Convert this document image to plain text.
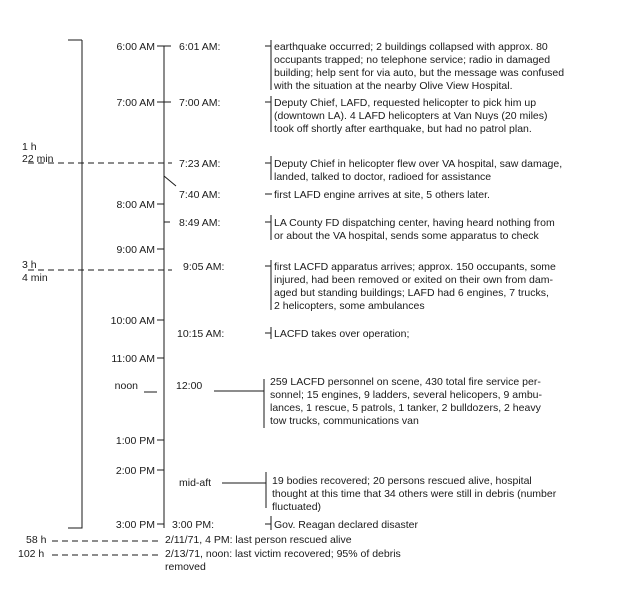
6:00 AM
7:00 AM
8:00 AM
9:00 AM
10:00 AM
11:00 AM
noon
1:00 PM
2:00 PM
3:00 PM
1 h
22 min
3 h
4 min
6:01 AM:	earthquake occurred; 2 buildings collapsed with approx. 80
occupants trapped; no telephone service; radio in damaged
building; help sent for via auto, but the message was confused
with the situation at the nearby Olive View Hospital.
7:00 AM:	Deputy Chief, LAFD, requested helicopter to pick him up
(downtown LA). 4 LAFD helicopters at Van Nuys (20 miles)
took off shortly after earthquake, but had no patrol plan.
7:23 AM:	Deputy Chief in helicopter flew over VA hospital, saw damage,
landed, talked to doctor, radioed for assistance
7:40 AM:	first LAFD engine arrives at site, 5 others later.
8:49 AM:	LA County FD dispatching center, having heard nothing from
or about the VA hospital, sends some apparatus to check
9:05 AM:	first LACFD apparatus arrives; approx. 150 occupants, some
injured, had been removed or exited on their own from dam-
aged but standing buildings; LAFD had 6 engines, 7 trucks,
2 helicopters, some ambulances
10:15 AM:	LACFD takes over operation;
12:00	259 LACFD personnel on scene, 430 total fire service per-
sonnel; 15 engines, 9 ladders, several helicopers, 9 ambu-
lances, 1 rescue, 5 patrols, 1 tanker, 2 bulldozers, 2 heavy
tow trucks, communications van
mid-aft	19 bodies recovered; 20 persons rescued alive, hospital
thought at this time that 34 others were still in debris (number
fluctuated)
3:00 PM:	Gov. Reagan declared disaster
58 h	2/11/71, 4 PM: last person rescued alive
102 h	2/13/71, noon: last victim recovered; 95% of debris
removed
